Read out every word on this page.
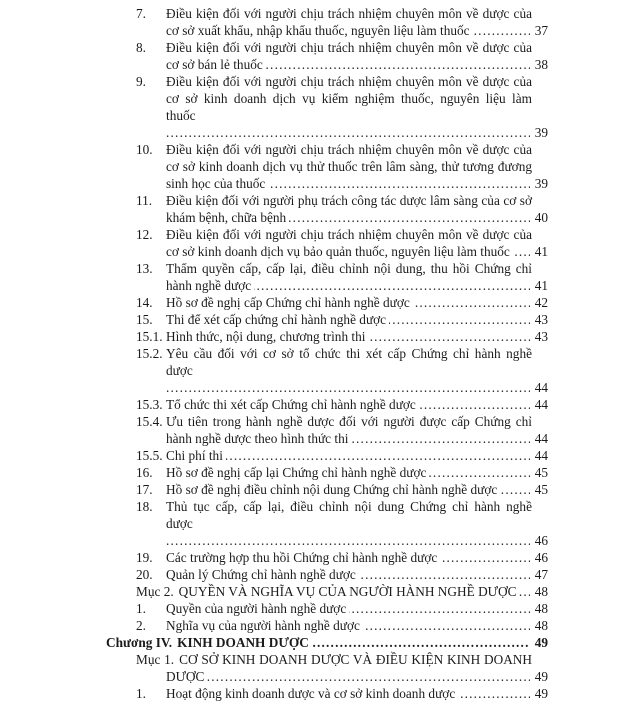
7. Điều kiện đối với người chịu trách nhiệm chuyên môn về dược của cơ sở xuất khẩu, nhập khẩu thuốc, nguyên liệu làm thuốc	37
.....
8. Điều kiện đối với người chịu trách nhiệm chuyên môn về dược của cơ sở bán lẻ thuốc	38
.....
9. Điều kiện đối với người chịu trách nhiệm chuyên môn về dược của cơ sở kinh doanh dịch vụ kiểm nghiệm thuốc, nguyên liệu làm thuốc
39
.....
10. Điều kiện đối với người chịu trách nhiệm chuyên môn về dược của cơ sở kinh doanh dịch vụ thử thuốc trên lâm sàng, thử tương đương sinh học của thuốc	39
.....
11. Điều kiện đối với người phụ trách công tác dược lâm sàng của cơ sở khám bệnh, chữa bệnh	40
.....
12. Điều kiện đối với người chịu trách nhiệm chuyên môn về dược của cơ sở kinh doanh dịch vụ bảo quản thuốc, nguyên liệu làm thuốc	41
.....
13. Thẩm quyền cấp, cấp lại, điều chỉnh nội dung, thu hồi Chứng chỉ hành nghề dược	41
.....
14. Hồ sơ đề nghị cấp Chứng chỉ hành nghề dược	42
.....
15. Thi để xét cấp chứng chỉ hành nghề dược	43
.....
15.1. Hình thức, nội dung, chương trình thi	43
.....
15.2. Yêu cầu đối với cơ sở tổ chức thi xét cấp Chứng chỉ hành nghề dược
44
.....
15.3. Tổ chức thi xét cấp Chứng chỉ hành nghề dược	44
.....
15.4. Ưu tiên trong hành nghề dược đối với người được cấp Chứng chỉ hành nghề dược theo hình thức thi	44
.....
15.5. Chi phí thi	44
.....
16. Hồ sơ đề nghị cấp lại Chứng chỉ hành nghề dược	45
.....
17. Hồ sơ đề nghị điều chỉnh nội dung Chứng chỉ hành nghề dược	45
.....
18. Thủ tục cấp, cấp lại, điều chỉnh nội dung Chứng chỉ hành nghề dược
46
.....
19. Các trường hợp thu hồi Chứng chỉ hành nghề dược	46
.....
20. Quản lý Chứng chỉ hành nghề dược	47
.....
Mục 2. QUYỀN VÀ NGHĨA VỤ CỦA NGƯỜI HÀNH NGHỀ DƯỢC	48
.....
1. Quyền của người hành nghề dược	48
.....
2. Nghĩa vụ của người hành nghề dược	48
.....
Chương IV. KINH DOANH DƯỢC	49
.....
Mục 1. CƠ SỞ KINH DOANH DƯỢC VÀ ĐIỀU KIỆN KINH DOANH DƯỢC	49
.....
1. Hoạt động kinh doanh dược và cơ sở kinh doanh dược	49
.....
